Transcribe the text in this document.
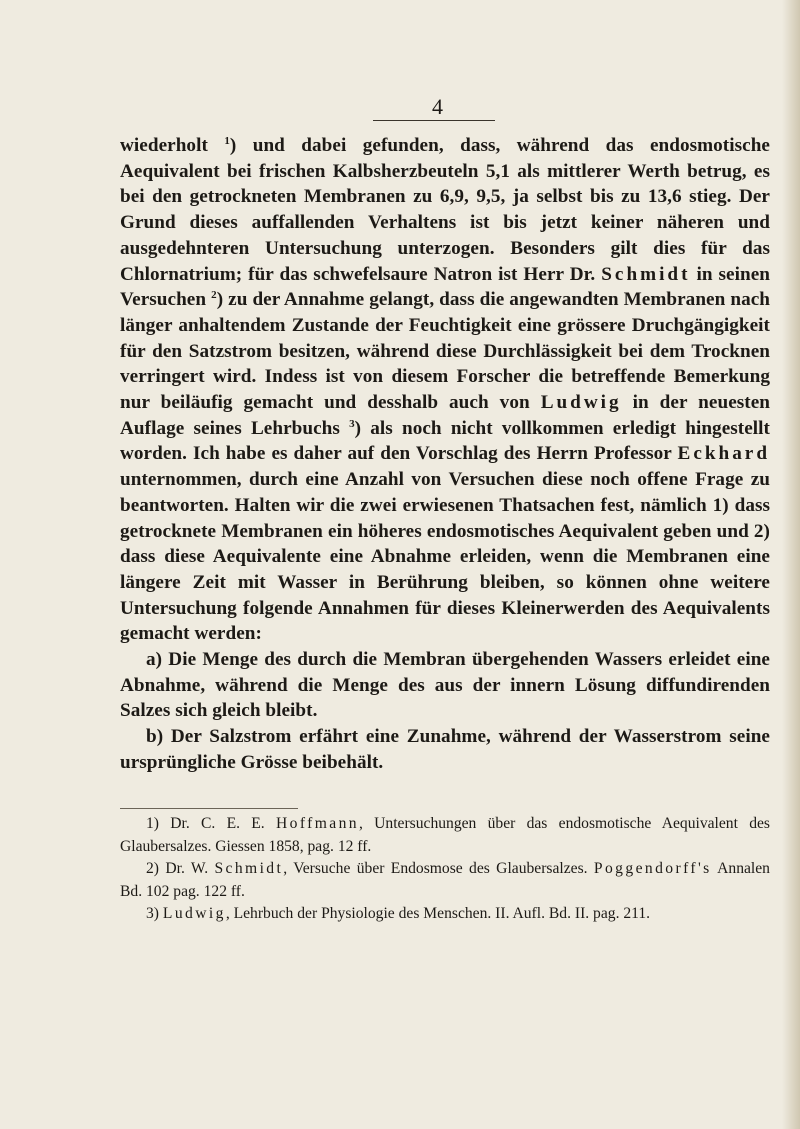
4

wiederholt $^1$) und dabei gefunden, dass, während das endosmotische Aequivalent bei frischen Kalbsherzbeuteln 5,1 als mittlerer Werth betrug, es bei den getrockneten Membranen zu 6,9, 9,5, ja selbst bis zu 13,6 stieg. Der Grund dieses auffallenden Verhaltens ist bis jetzt keiner näheren und ausgedehnteren Untersuchung unterzogen. Besonders gilt dies für das Chlornatrium; für das schwefelsaure Natron ist Herr Dr. Schmidt in seinen Versuchen $^2$) zu der Annahme gelangt, dass die angewandten Membranen nach länger anhaltendem Zustande der Feuchtigkeit eine grössere Druchgängigkeit für den Satzstrom besitzen, während diese Durchlässigkeit bei dem Trocknen verringert wird. Indess ist von diesem Forscher die betreffende Bemerkung nur beiläufig gemacht und desshalb auch von Ludwig in der neuesten Auflage seines Lehrbuchs $^3$) als noch nicht vollkommen erledigt hingestellt worden. Ich habe es daher auf den Vorschlag des Herrn Professor Eckhard unternommen, durch eine Anzahl von Versuchen diese noch offene Frage zu beantworten. Halten wir die zwei erwiesenen Thatsachen fest, nämlich 1) dass getrocknete Membranen ein höheres endosmotisches Aequivalent geben und 2) dass diese Aequivalente eine Abnahme erleiden, wenn die Membranen eine längere Zeit mit Wasser in Berührung bleiben, so können ohne weitere Untersuchung folgende Annahmen für dieses Kleinerwerden des Aequivalents gemacht werden:

a) Die Menge des durch die Membran übergehenden Wassers erleidet eine Abnahme, während die Menge des aus der innern Lösung diffundirenden Salzes sich gleich bleibt.

b) Der Salzstrom erfährt eine Zunahme, während der Wasserstrom seine ursprüngliche Grösse beibehält.

1) Dr. C. E. E. Hoffmann, Untersuchungen über das endosmotische Aequivalent des Glaubersalzes. Giessen 1858, pag. 12 ff.

2) Dr. W. Schmidt, Versuche über Endosmose des Glaubersalzes. Poggendorff's Annalen Bd. 102 pag. 122 ff.

3) Ludwig, Lehrbuch der Physiologie des Menschen. II. Aufl. Bd. II. pag. 211.
